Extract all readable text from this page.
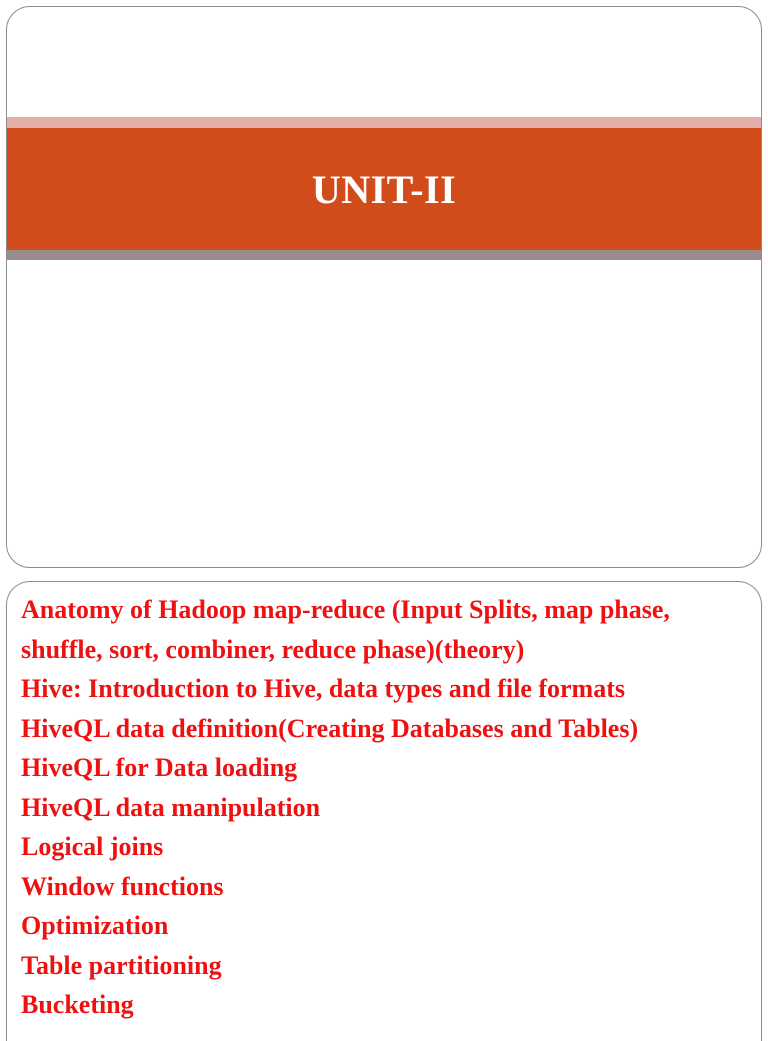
UNIT-II
Anatomy of Hadoop map-reduce (Input Splits, map phase,
shuffle, sort, combiner, reduce phase)(theory)
Hive: Introduction to Hive, data types and file formats
HiveQL data definition(Creating Databases and Tables)
HiveQL for Data loading
HiveQL data manipulation
Logical joins
Window functions
Optimization
Table partitioning
Bucketing
